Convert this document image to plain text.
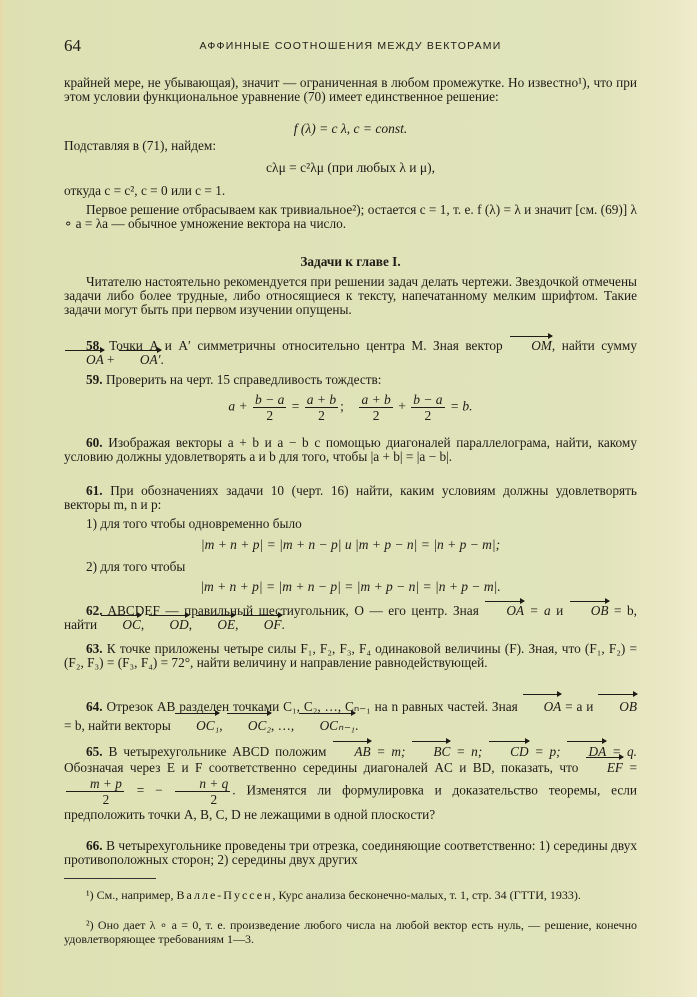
64	АФФИННЫЕ СООТНОШЕНИЯ МЕЖДУ ВЕКТОРАМИ
крайней мере, не убывающая), значит — ограниченная в любом промежутке. Но известно¹), что при этом условии функциональное уравнение (70) имеет единственное решение:
f (λ) = c λ, c = const.
Подставляя в (71), найдем:
cλμ = c²λμ (при любых λ и μ),
откуда c = c², c = 0 или c = 1.
Первое решение отбрасываем как тривиальное²); остается c = 1, т. е. f (λ) = λ и значит [см. (69)] λ ∘ a = λa — обычное умножение вектора на число.
Задачи к главе I.
Читателю настоятельно рекомендуется при решении задач делать чертежи. Звездочкой отмечены задачи либо более трудные, либо относящиеся к тексту, напечатанному мелким шрифтом. Такие задачи могут быть при первом изучении опущены.
58. Точки A и A′ симметричны относительно центра M. Зная вектор OM, найти сумму OA + OA′.
59. Проверить на черт. 15 справедливость тождеств:
$a + \frac{b - a}{2} = \frac{a + b}{2}$ ; $\frac{a + b}{2} + \frac{b - a}{2} = b$.
60. Изображая векторы a + b и a − b с помощью диагоналей параллелограма, найти, какому условию должны удовлетворять a и b для того, чтобы |a + b| = |a − b|.
61. При обозначениях задачи 10 (черт. 16) найти, каким условиям должны удовлетворять векторы m, n и p:
1) для того чтобы одновременно было
|m + n + p| = |m + n − p| и |m + p − n| = |n + p − m|;
2) для того чтобы
|m + n + p| = |m + n − p| = |m + p − n| = |n + p − m|.
62. ABCDEF — правильный шестиугольник, O — его центр. Зная OA = a и OB = b, найти OC, OD, OE, OF.
63. К точке приложены четыре силы F₁, F₂, F₃, F₄ одинаковой величины (F). Зная, что (F₁, F₂) = (F₂, F₃) = (F₃, F₄) = 72°, найти величину и направление равнодействующей.
64. Отрезок AB разделен точками C₁, C₂, …, Cₙ₋₁ на n равных частей. Зная OA = a и OB = b, найти векторы OC₁, OC₂, …, OCₙ₋₁.
65. В четырехугольнике ABCD положим AB = m; BC = n; CD = p; DA = q. Обозначая через E и F соответственно середины диагоналей AC и BD, показать, что EF =
$\frac{m + p}{2}$ = − $\frac{n + q}{2}$ . Изменятся ли формулировка и доказательство теоремы, если предположить точки A, B, C, D не лежащими в одной плоскости?
66. В четырехугольнике проведены три отрезка, соединяющие соответственно: 1) середины двух противоположных сторон; 2) середины двух других
¹) См., например, Валле-Пуссен, Курс анализа бесконечно-малых, т. 1, стр. 34 (ГТТИ, 1933).
²) Оно дает λ ∘ a = 0, т. е. произведение любого числа на любой вектор есть нуль, — решение, конечно удовлетворяющее требованиям 1—3.
